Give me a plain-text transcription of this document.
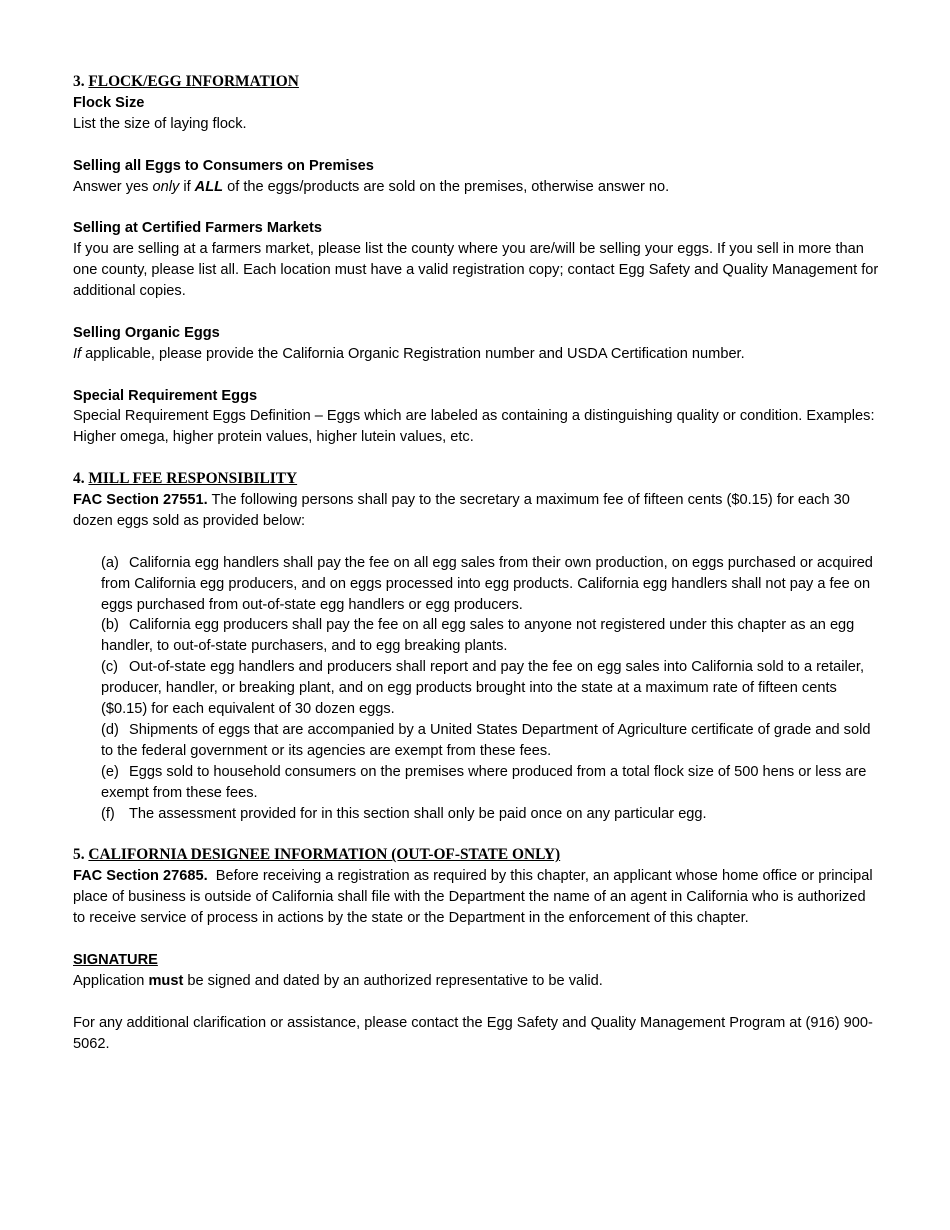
3. FLOCK/EGG INFORMATION

Flock Size

List the size of laying flock.

Selling all Eggs to Consumers on Premises

Answer yes only if ALL of the eggs/products are sold on the premises, otherwise answer no.

Selling at Certified Farmers Markets

If you are selling at a farmers market, please list the county where you are/will be selling your eggs. If you sell in more than one county, please list all. Each location must have a valid registration copy; contact Egg Safety and Quality Management for additional copies.

Selling Organic Eggs

If applicable, please provide the California Organic Registration number and USDA Certification number.

Special Requirement Eggs

Special Requirement Eggs Definition – Eggs which are labeled as containing a distinguishing quality or condition. Examples: Higher omega, higher protein values, higher lutein values, etc.

4. MILL FEE RESPONSIBILITY

FAC Section 27551. The following persons shall pay to the secretary a maximum fee of fifteen cents ($0.15) for each 30 dozen eggs sold as provided below:

(a) California egg handlers shall pay the fee on all egg sales from their own production, on eggs purchased or acquired from California egg producers, and on eggs processed into egg products. California egg handlers shall not pay a fee on eggs purchased from out-of-state egg handlers or egg producers.

(b) California egg producers shall pay the fee on all egg sales to anyone not registered under this chapter as an egg handler, to out-of-state purchasers, and to egg breaking plants.

(c) Out-of-state egg handlers and producers shall report and pay the fee on egg sales into California sold to a retailer, producer, handler, or breaking plant, and on egg products brought into the state at a maximum rate of fifteen cents ($0.15) for each equivalent of 30 dozen eggs.

(d) Shipments of eggs that are accompanied by a United States Department of Agriculture certificate of grade and sold to the federal government or its agencies are exempt from these fees.

(e) Eggs sold to household consumers on the premises where produced from a total flock size of 500 hens or less are exempt from these fees.

(f) The assessment provided for in this section shall only be paid once on any particular egg.

5. CALIFORNIA DESIGNEE INFORMATION (OUT-OF-STATE ONLY)

FAC Section 27685.  Before receiving a registration as required by this chapter, an applicant whose home office or principal place of business is outside of California shall file with the Department the name of an agent in California who is authorized to receive service of process in actions by the state or the Department in the enforcement of this chapter.

SIGNATURE

Application must be signed and dated by an authorized representative to be valid.

For any additional clarification or assistance, please contact the Egg Safety and Quality Management Program at (916) 900-5062.
